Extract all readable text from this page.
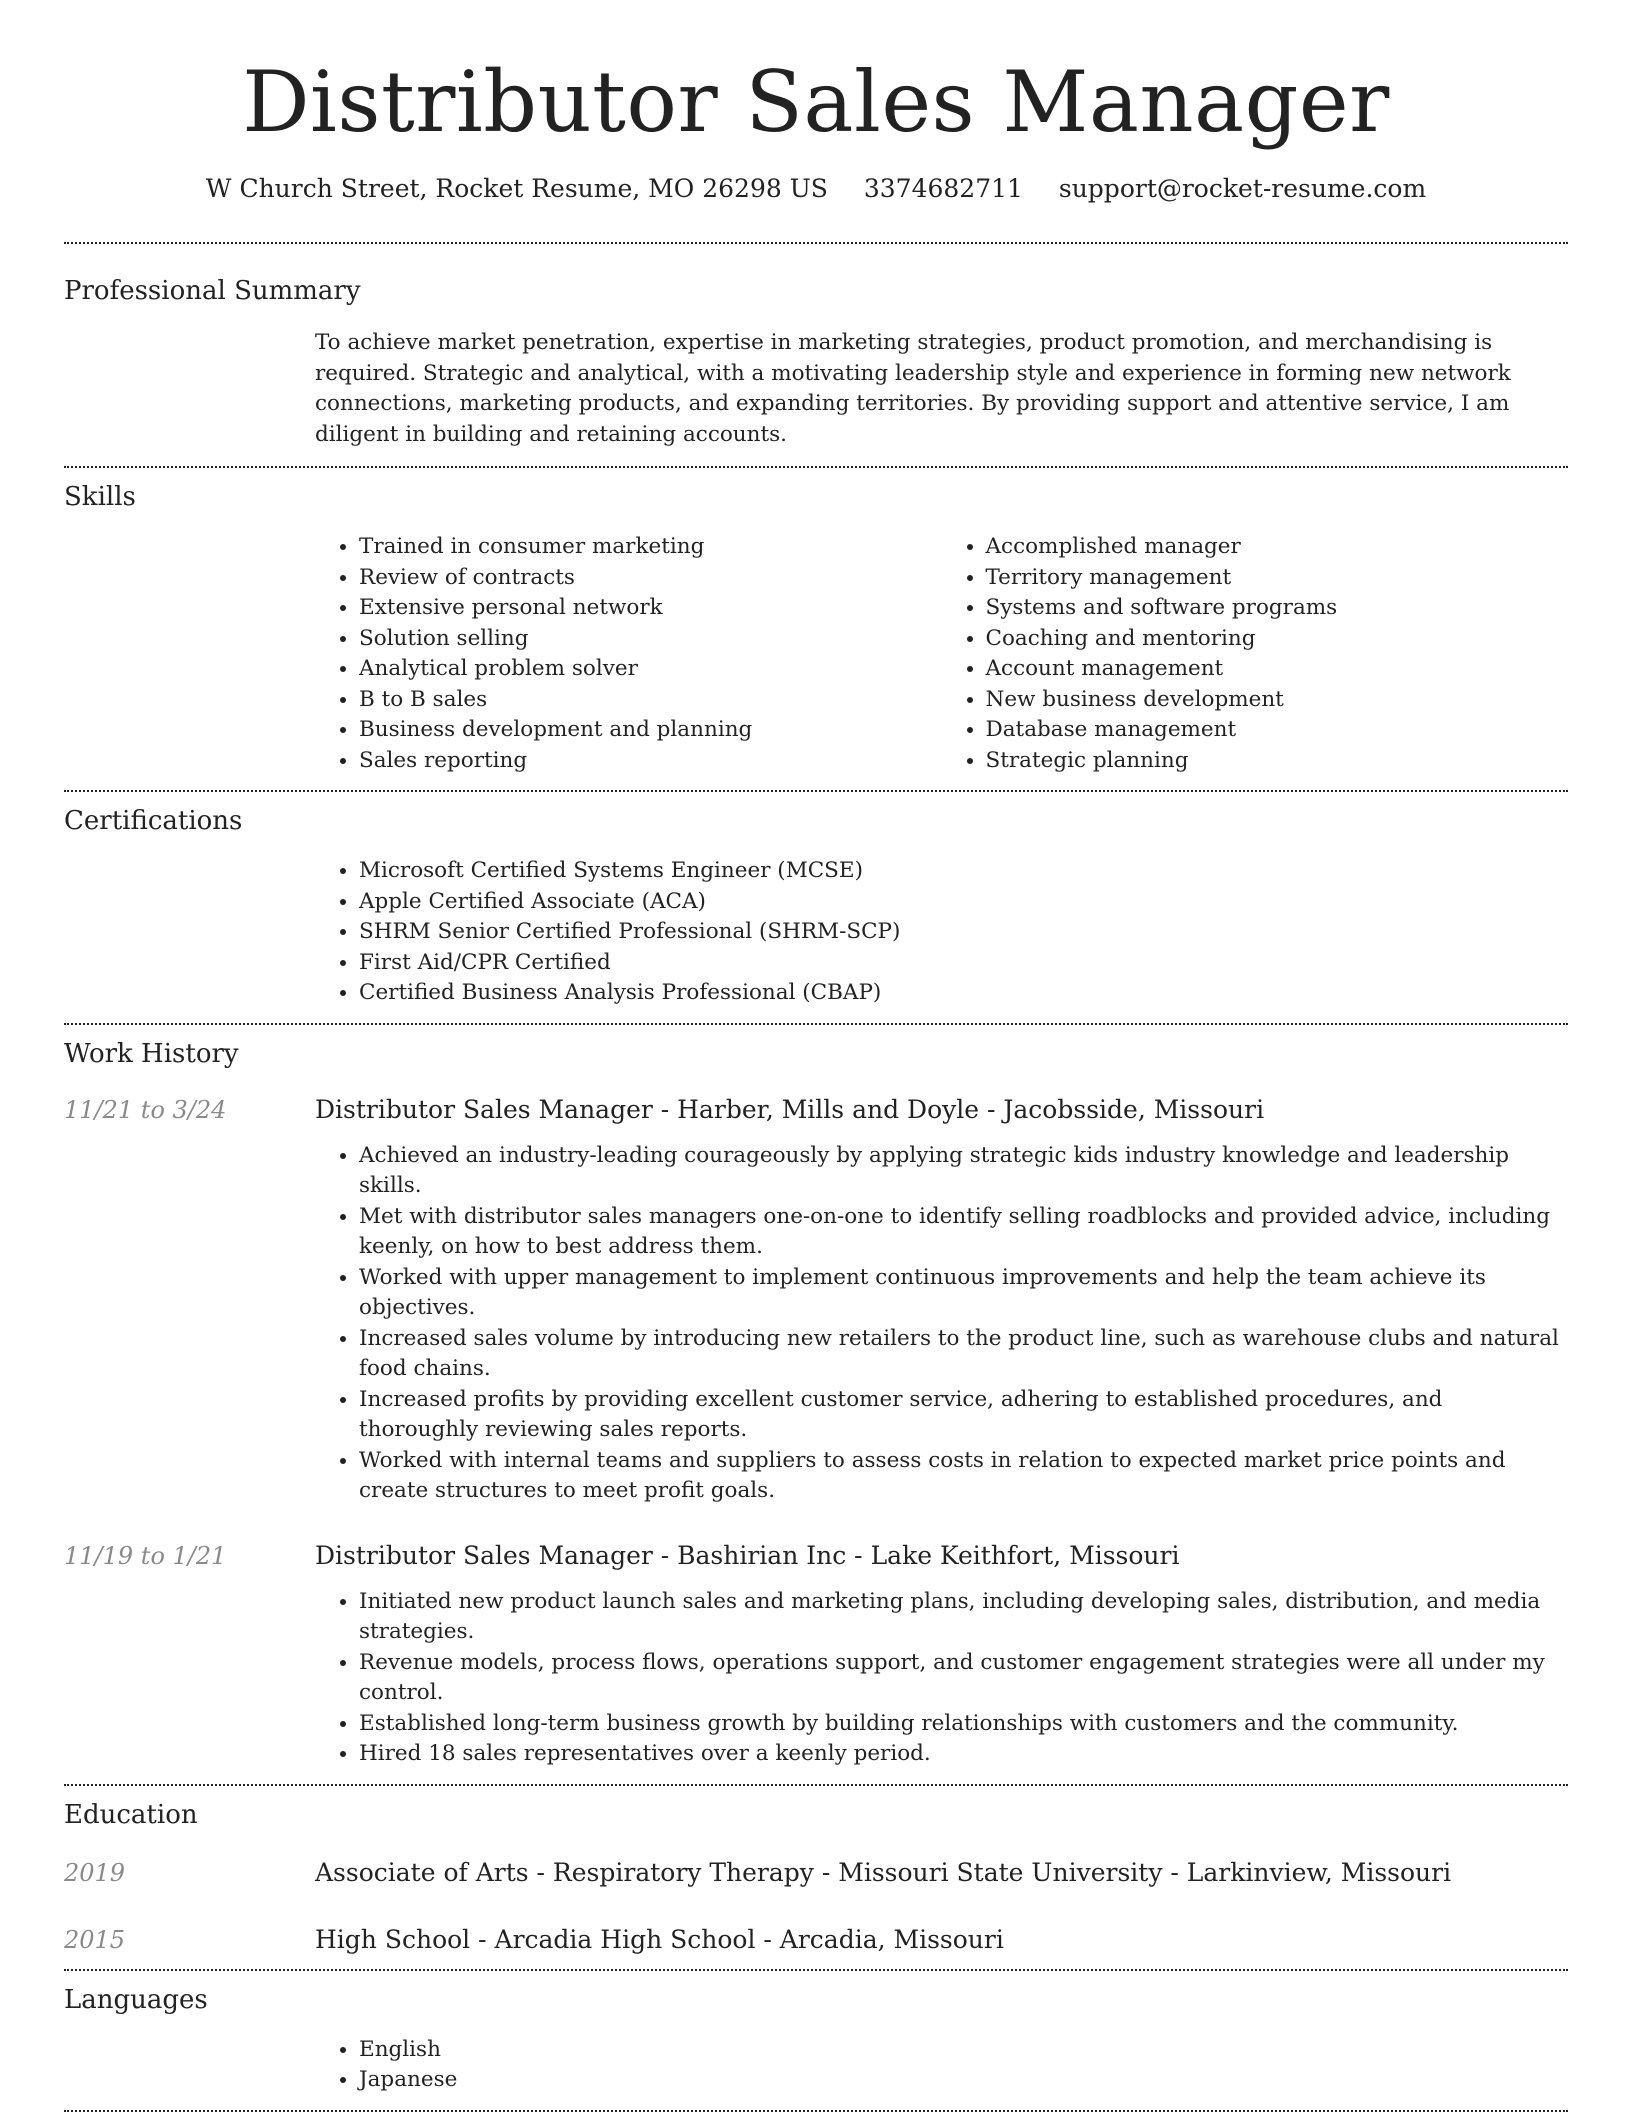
Distributor Sales Manager
W Church Street, Rocket Resume, MO 26298 US 3374682711 support@rocket-resume.com
Professional Summary
To achieve market penetration, expertise in marketing strategies, product promotion, and merchandising is required. Strategic and analytical, with a motivating leadership style and experience in forming new network connections, marketing products, and expanding territories. By providing support and attentive service, I am diligent in building and retaining accounts.
Skills
• Trained in consumer marketing
• Review of contracts
• Extensive personal network
• Solution selling
• Analytical problem solver
• B to B sales
• Business development and planning
• Sales reporting
• Accomplished manager
• Territory management
• Systems and software programs
• Coaching and mentoring
• Account management
• New business development
• Database management
• Strategic planning
Certifications
• Microsoft Certified Systems Engineer (MCSE)
• Apple Certified Associate (ACA)
• SHRM Senior Certified Professional (SHRM-SCP)
• First Aid/CPR Certified
• Certified Business Analysis Professional (CBAP)
Work History
11/21 to 3/24	Distributor Sales Manager - Harber, Mills and Doyle - Jacobsside, Missouri
• Achieved an industry-leading courageously by applying strategic kids industry knowledge and leadership skills.
• Met with distributor sales managers one-on-one to identify selling roadblocks and provided advice, including keenly, on how to best address them.
• Worked with upper management to implement continuous improvements and help the team achieve its objectives.
• Increased sales volume by introducing new retailers to the product line, such as warehouse clubs and natural food chains.
• Increased profits by providing excellent customer service, adhering to established procedures, and thoroughly reviewing sales reports.
• Worked with internal teams and suppliers to assess costs in relation to expected market price points and create structures to meet profit goals.
11/19 to 1/21	Distributor Sales Manager - Bashirian Inc - Lake Keithfort, Missouri
• Initiated new product launch sales and marketing plans, including developing sales, distribution, and media strategies.
• Revenue models, process flows, operations support, and customer engagement strategies were all under my control.
• Established long-term business growth by building relationships with customers and the community.
• Hired 18 sales representatives over a keenly period.
Education
2019	Associate of Arts - Respiratory Therapy - Missouri State University - Larkinview, Missouri
2015	High School - Arcadia High School - Arcadia, Missouri
Languages
• English
• Japanese
